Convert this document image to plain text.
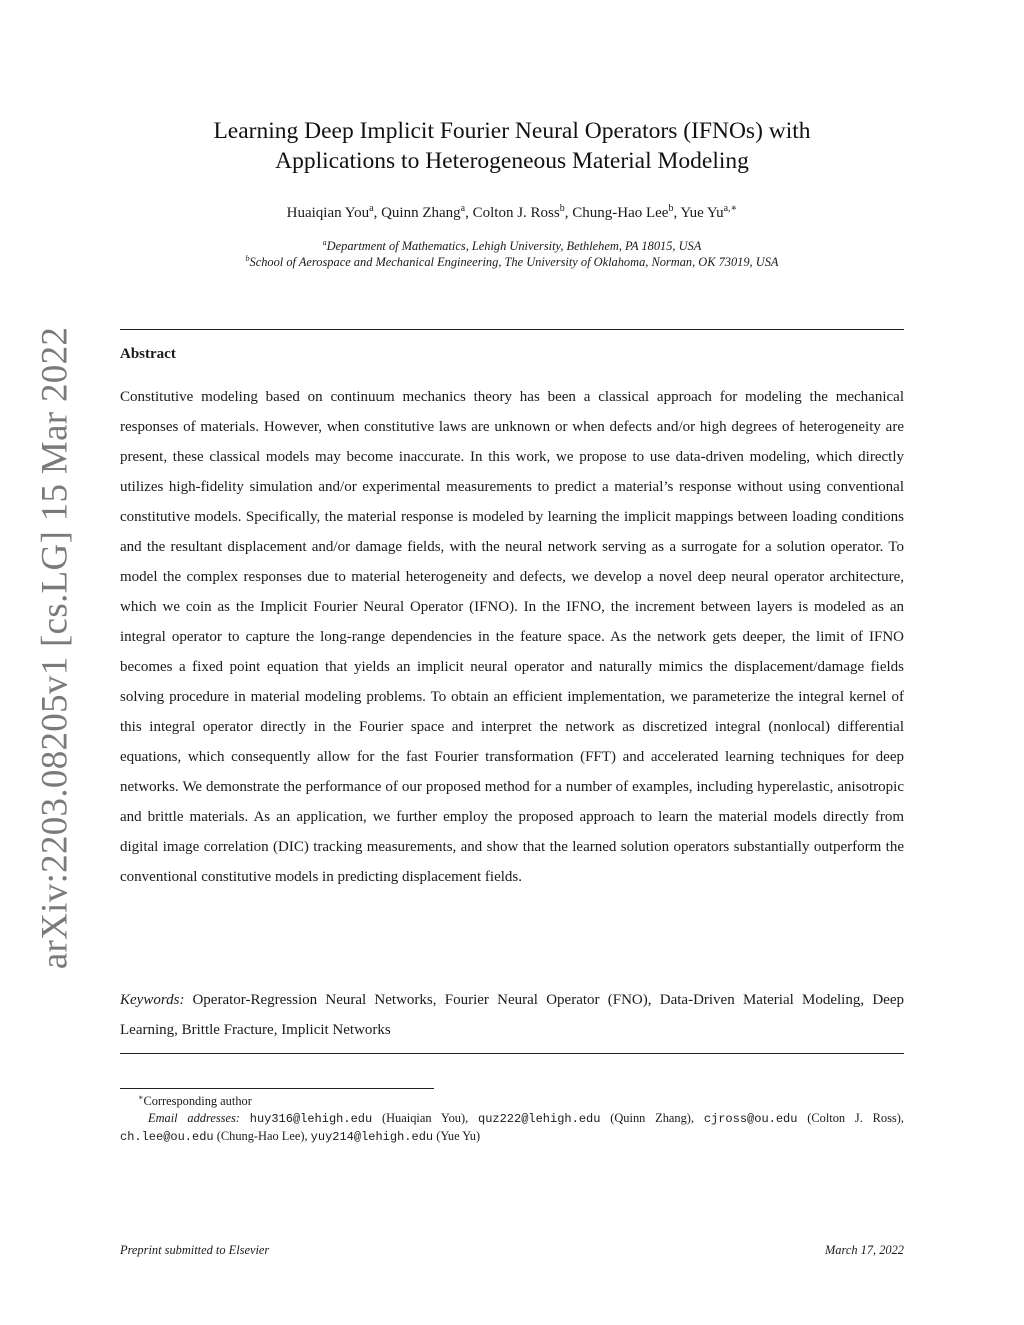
arXiv:2203.08205v1 [cs.LG] 15 Mar 2022
Learning Deep Implicit Fourier Neural Operators (IFNOs) with
Applications to Heterogeneous Material Modeling
Huaiqian You$^a$, Quinn Zhang$^a$, Colton J. Ross$^b$, Chung-Hao Lee$^b$, Yue $Yu^{a,∗}$
$^a$Department of Mathematics, Lehigh University, Bethlehem, PA 18015, USA
$^b$School of Aerospace and Mechanical Engineering, The University of Oklahoma, Norman, OK 73019, USA
Abstract
Constitutive modeling based on continuum mechanics theory has been a classical approach for modeling the mechanical responses of materials. However, when constitutive laws are unknown or when defects and/or high degrees of heterogeneity are present, these classical models may become inaccurate. In this work, we propose to use data-driven modeling, which directly utilizes high-fidelity simulation and/or experimental measurements to predict a material’s response without using conventional constitutive models. Specifically, the material response is modeled by learning the implicit mappings between loading conditions and the resultant displacement and/or damage fields, with the neural network serving as a surrogate for a solution operator. To model the complex responses due to material heterogeneity and defects, we develop a novel deep neural operator architecture, which we coin as the Implicit Fourier Neural Operator (IFNO). In the IFNO, the increment between layers is modeled as an integral operator to capture the long-range dependencies in the feature space. As the network gets deeper, the limit of IFNO becomes a fixed point equation that yields an implicit neural operator and naturally mimics the displacement/damage fields solving procedure in material modeling problems. To obtain an efficient implementation, we parameterize the integral kernel of this integral operator directly in the Fourier space and interpret the network as discretized integral (nonlocal) differential equations, which consequently allow for the fast Fourier transformation (FFT) and accelerated learning techniques for deep networks. We demonstrate the performance of our proposed method for a number of examples, including hyperelastic, anisotropic and brittle materials. As an application, we further employ the proposed approach to learn the material models directly from digital image correlation (DIC) tracking measurements, and show that the learned solution operators substantially outperform the conventional constitutive models in predicting displacement fields.
Keywords: Operator-Regression Neural Networks, Fourier Neural Operator (FNO), Data-Driven Material Modeling, Deep Learning, Brittle Fracture, Implicit Networks
∗Corresponding author
Email addresses: huy316@lehigh.edu (Huaiqian You), quz222@lehigh.edu (Quinn Zhang), cjross@ou.edu (Colton J. Ross), ch.lee@ou.edu (Chung-Hao Lee), yuy214@lehigh.edu (Yue Yu)
Preprint submitted to Elsevier	March 17, 2022
